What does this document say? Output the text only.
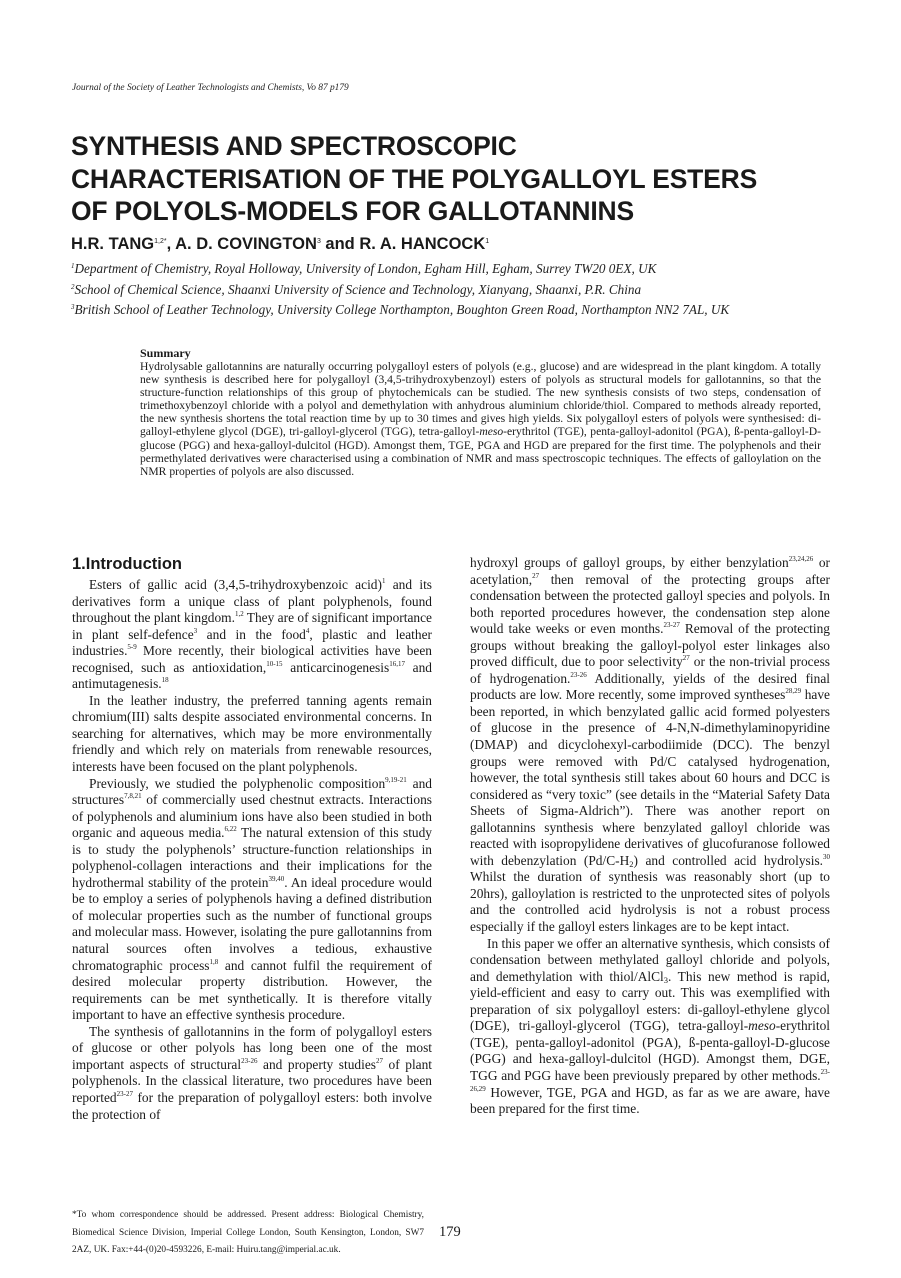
Journal of the Society of Leather Technologists and Chemists, Vo 87 p179
SYNTHESIS AND SPECTROSCOPIC
CHARACTERISATION OF THE POLYGALLOYL ESTERS
OF POLYOLS-MODELS FOR GALLOTANNINS
H.R. TANG$^{1,2*}$, A. D. COVINGTON$^3$ and R. A. HANCOCK$^1$
$^1$Department of Chemistry, Royal Holloway, University of London, Egham Hill, Egham, Surrey TW20 0EX, UK
$^2$School of Chemical Science, Shaanxi University of Science and Technology, Xianyang, Shaanxi, P.R. China
$^3$British School of Leather Technology, University College Northampton, Boughton Green Road, Northampton NN2 7AL, UK
Summary

Hydrolysable gallotannins are naturally occurring polygalloyl esters of polyols (e.g., glucose) and are widespread in the plant kingdom. A totally new synthesis is described here for polygalloyl (3,4,5-trihydroxybenzoyl) esters of polyols as structural models for gallotannins, so that the structure-function relationships of this group of phytochemicals can be studied. The new synthesis consists of two steps, condensation of trimethoxybenzoyl chloride with a polyol and demethylation with anhydrous aluminium chloride/thiol. Compared to methods already reported, the new synthesis shortens the total reaction time by up to 30 times and gives high yields. Six polygalloyl esters of polyols were synthesised: di-galloyl-ethylene glycol (DGE), tri-galloyl-glycerol (TGG), tetra-galloyl-meso-erythritol (TGE), penta-galloyl-adonitol (PGA), ß-penta-galloyl-D-glucose (PGG) and hexa-galloyl-dulcitol (HGD). Amongst them, TGE, PGA and HGD are prepared for the first time. The polyphenols and their permethylated derivatives were characterised using a combination of NMR and mass spectroscopic techniques. The effects of galloylation on the NMR properties of polyols are also discussed.

1.Introduction

Esters of gallic acid (3,4,5-trihydroxybenzoic acid)$^1$ and its derivatives form a unique class of plant polyphenols, found throughout the plant kingdom.$^{1,2}$ They are of significant importance in plant self-defence$^3$ and in the food$^4$, plastic and leather industries.$^{5-9}$ More recently, their biological activities have been recognised, such as antioxidation,$^{10-15}$ anticarcinogenesis$^{16,17}$ and antimutagenesis.$^{18}$

In the leather industry, the preferred tanning agents remain chromium(III) salts despite associated environmental concerns. In searching for alternatives, which may be more environmentally friendly and which rely on materials from renewable resources, interests have been focused on the plant polyphenols.

Previously, we studied the polyphenolic composition$^{9,19-21}$ and structures$^{7,8,21}$ of commercially used chestnut extracts. Interactions of polyphenols and aluminium ions have also been studied in both organic and aqueous media.$^{6,22}$ The natural extension of this study is to study the polyphenols’ structure-function relationships in polyphenol-collagen interactions and their implications for the hydrothermal stability of the protein$^{39,40}$. An ideal procedure would be to employ a series of polyphenols having a defined distribution of molecular properties such as the number of functional groups and molecular mass. However, isolating the pure gallotannins from natural sources often involves a tedious, exhaustive chromatographic process$^{1,8}$ and cannot fulfil the requirement of desired molecular property distribution. However, the requirements can be met synthetically. It is therefore vitally important to have an effective synthesis procedure.

The synthesis of gallotannins in the form of polygalloyl esters of glucose or other polyols has long been one of the most important aspects of structural$^{23-26}$ and property studies$^{27}$ of plant polyphenols. In the classical literature, two procedures have been reported$^{23-27}$ for the preparation of polygalloyl esters: both involve the protection of

hydroxyl groups of galloyl groups, by either benzylation$^{23,24,26}$ or acetylation,$^{27}$ then removal of the protecting groups after condensation between the protected galloyl species and polyols. In both reported procedures however, the condensation step alone would take weeks or even months.$^{23-27}$ Removal of the protecting groups without breaking the galloyl-polyol ester linkages also proved difficult, due to poor selectivity$^{27}$ or the non-trivial process of hydrogenation.$^{23-26}$ Additionally, yields of the desired final products are low. More recently, some improved syntheses$^{28,29}$ have been reported, in which benzylated gallic acid formed polyesters of glucose in the presence of 4-N,N-dimethylaminopyridine (DMAP) and dicyclohexyl-carbodiimide (DCC). The benzyl groups were removed with Pd/C catalysed hydrogenation, however, the total synthesis still takes about 60 hours and DCC is considered as “very toxic” (see details in the “Material Safety Data Sheets of Sigma-Aldrich”). There was another report on gallotannins synthesis where benzylated galloyl chloride was reacted with isopropylidene derivatives of glucofuranose followed with debenzylation $(Pd/C-H_2)$ and controlled acid hydrolysis.$^{30}$ Whilst the duration of synthesis was reasonably short (up to 20hrs), galloylation is restricted to the unprotected sites of polyols and the controlled acid hydrolysis is not a robust process especially if the galloyl esters linkages are to be kept intact.

In this paper we offer an alternative synthesis, which consists of condensation between methylated galloyl chloride and polyols, and demethylation with thiol/AlCl$_3$. This new method is rapid, yield-efficient and easy to carry out. This was exemplified with preparation of six polygalloyl esters: di-galloyl-ethylene glycol (DGE), tri-galloyl-glycerol (TGG), tetra-galloyl-meso-erythritol (TGE), penta-galloyl-adonitol (PGA), ß-penta-galloyl-D-glucose (PGG) and hexa-galloyl-dulcitol (HGD). Amongst them, DGE, TGG and PGG have been previously prepared by other methods.$^{23-26,29}$ However, TGE, PGA and HGD, as far as we are aware, have been prepared for the first time.

*To whom correspondence should be addressed. Present address: Biological Chemistry, Biomedical Science Division, Imperial College London, South Kensington, London, SW7 2AZ, UK. Fax:+44-(0)20-4593226, E-mail: Huiru.tang@imperial.ac.uk.
179
